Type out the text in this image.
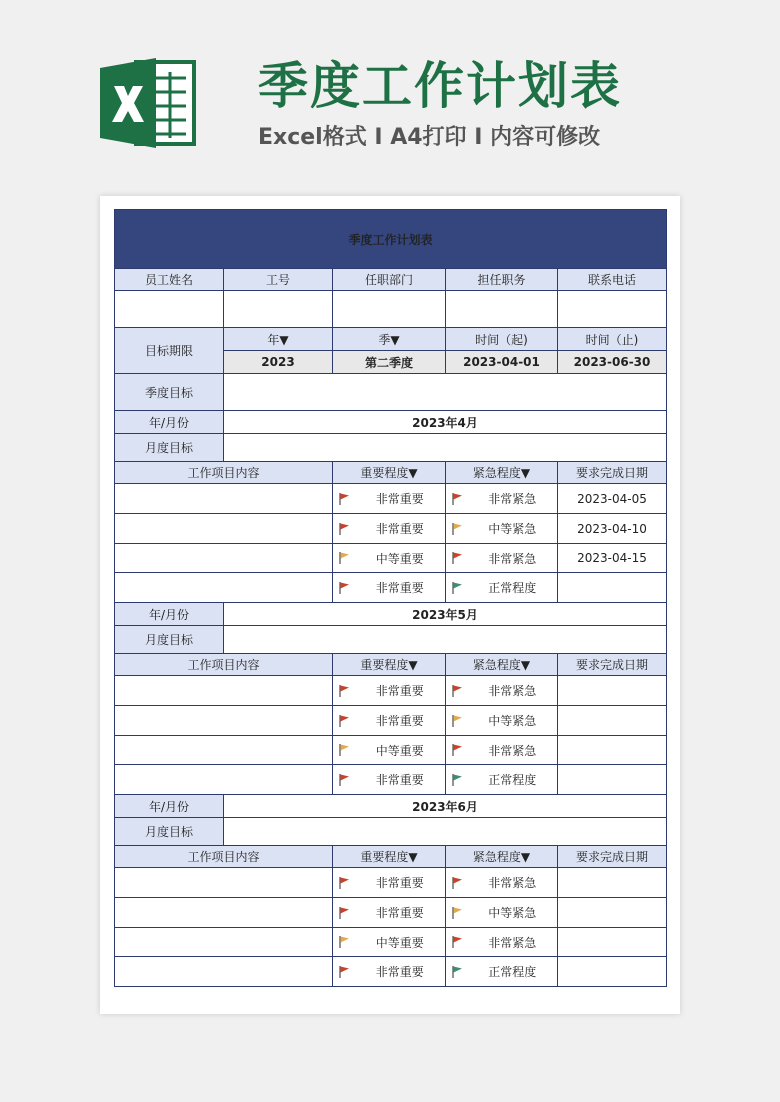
季度工作计划表
Excel格式 I A4打印 I 内容可修改
季度工作计划表						
员工姓名	工号	任职部门		担任职务		联系电话

目标期限	年▼	季▼		时间（起)		时间（止)
	2023	第二季度		2023-04-01		2023-06-30
季度目标						
年/月份	2023年4月					
月度目标						
工作项目内容		重要程度▼		紧急程度▼		要求完成日期
		非常重要		非常紧急	2023-04-05
		非常重要		中等紧急	2023-04-10
		中等重要		非常紧急	2023-04-15
		非常重要		正常程度	
年/月份	2023年5月					
月度目标						
工作项目内容		重要程度▼		紧急程度▼		要求完成日期
		非常重要		非常紧急	
		非常重要		中等紧急	
		中等重要		非常紧急	
		非常重要		正常程度	
年/月份	2023年6月					
月度目标						
工作项目内容		重要程度▼		紧急程度▼		要求完成日期
		非常重要		非常紧急	
		非常重要		中等紧急	
		中等重要		非常紧急	
		非常重要		正常程度	
